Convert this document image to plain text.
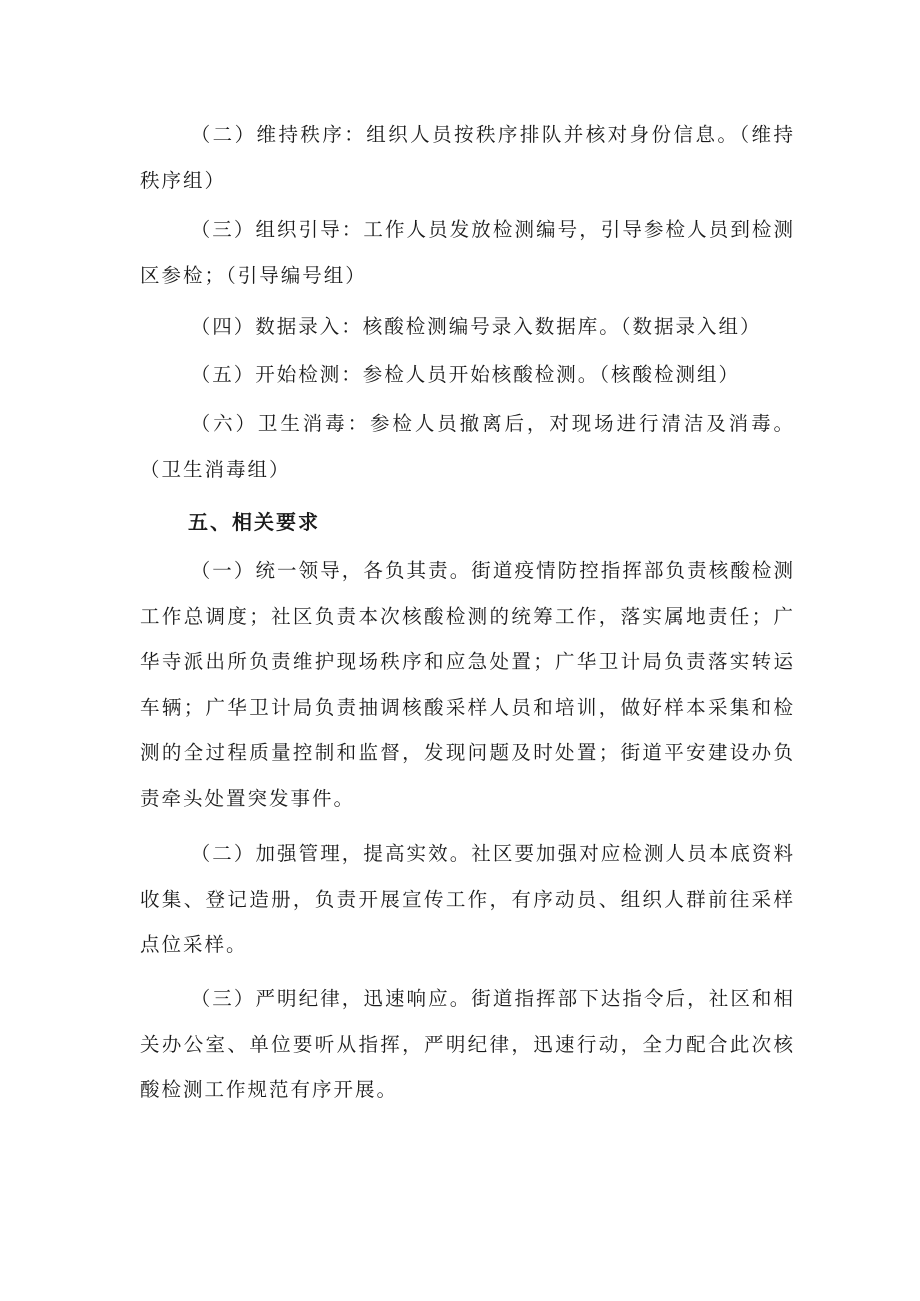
（二）维持秩序：组织人员按秩序排队并核对身份信息。（维持秩序组）

（三）组织引导：工作人员发放检测编号，引导参检人员到检测区参检；（引导编号组）

（四）数据录入：核酸检测编号录入数据库。（数据录入组）

（五）开始检测：参检人员开始核酸检测。（核酸检测组）

（六）卫生消毒：参检人员撤离后，对现场进行清洁及消毒。（卫生消毒组）

五、相关要求

（一）统一领导，各负其责。街道疫情防控指挥部负责核酸检测工作总调度；社区负责本次核酸检测的统筹工作，落实属地责任；广华寺派出所负责维护现场秩序和应急处置；广华卫计局负责落实转运车辆；广华卫计局负责抽调核酸采样人员和培训，做好样本采集和检测的全过程质量控制和监督，发现问题及时处置；街道平安建设办负责牵头处置突发事件。

（二）加强管理，提高实效。社区要加强对应检测人员本底资料收集、登记造册，负责开展宣传工作，有序动员、组织人群前往采样点位采样。

（三）严明纪律，迅速响应。街道指挥部下达指令后，社区和相关办公室、单位要听从指挥，严明纪律，迅速行动，全力配合此次核酸检测工作规范有序开展。
